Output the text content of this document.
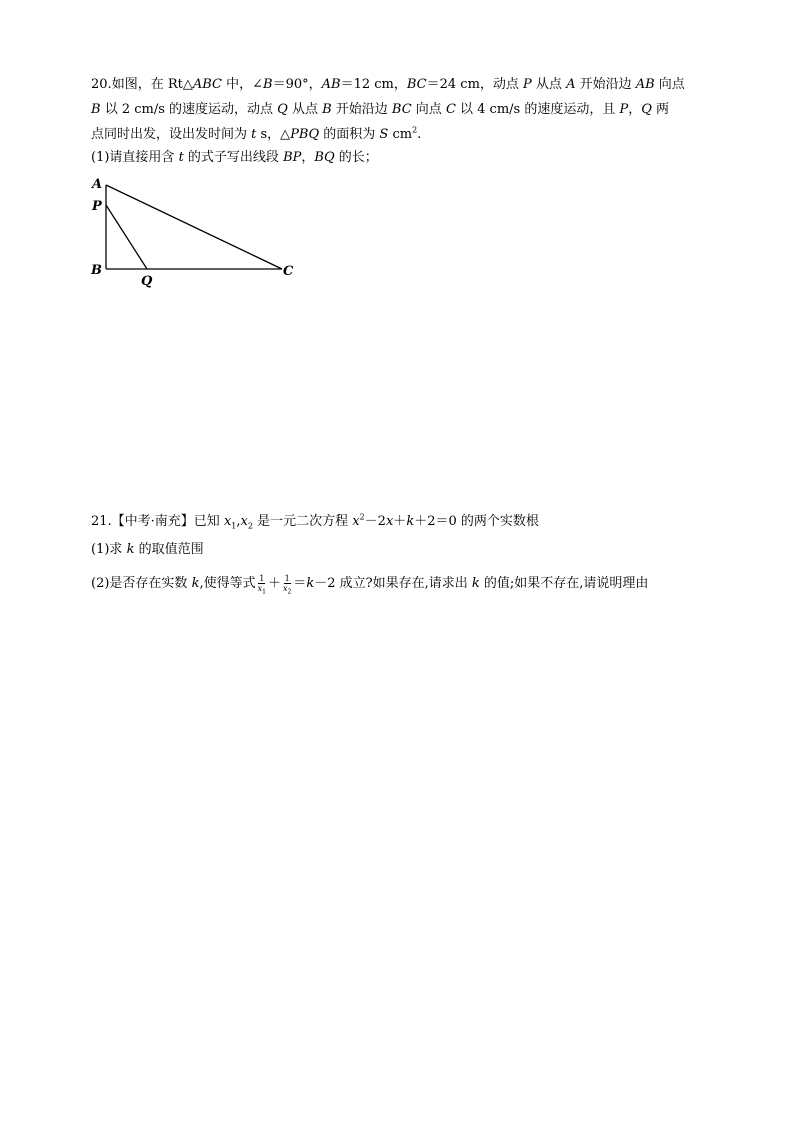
20.如图，在 Rt△ABC 中，∠B＝90°，AB＝12 cm，BC＝24 cm，动点 P 从点 A 开始沿边 AB 向点
B 以 2 cm/s 的速度运动，动点 Q 从点 B 开始沿边 BC 向点 C 以 4 cm/s 的速度运动，且 P，Q 两
点同时出发，设出发时间为 t s，△PBQ 的面积为 S $cm^2$.
(1)请直接用含 t 的式子写出线段 BP，BQ 的长；
A
P
B
Q
C
21.【中考·南充】已知 $x_1,x_2$ 是一元二次方程 $x^2-2x+k+2=0$ 的两个实数根
(1)求 k 的取值范围
(2)是否存在实数 k,使得等式 $\frac{1}{x_1} + \frac{1}{x_2} =k-2$ 成立?如果存在,请求出 k 的值;如果不存在,请说明理由
